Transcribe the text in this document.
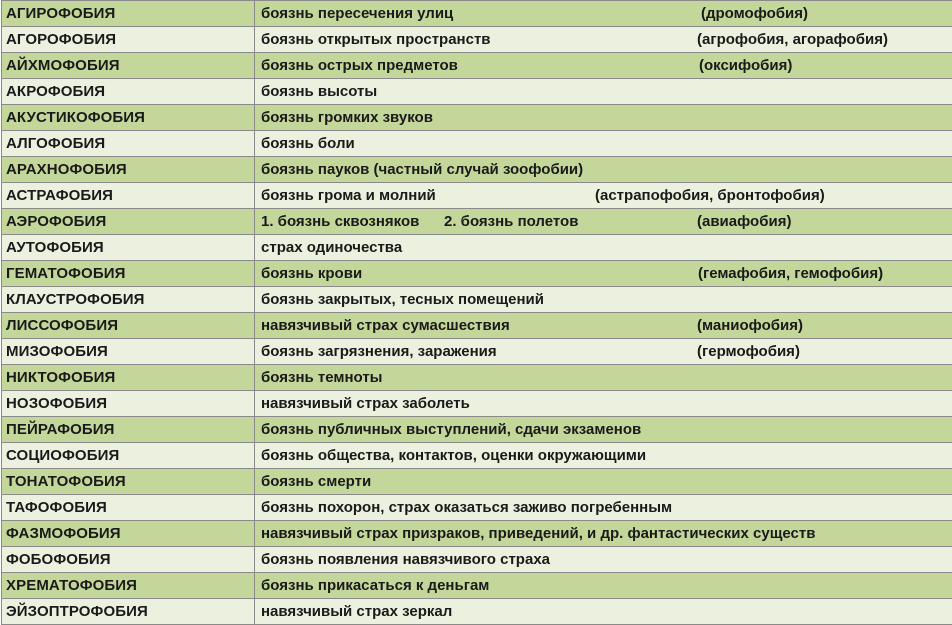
АГИРОФОБИЯ	боязнь пересечения улиц (дромофобия)

АГОРОФОБИЯ	боязнь открытых пространств (агрофобия, агорафобия)

АЙХМОФОБИЯ	боязнь острых предметов (оксифобия)

АКРОФОБИЯ	боязнь высоты
АКУСТИКОФОБИЯ	боязнь громких звуков
АЛГОФОБИЯ	боязнь боли
АРАХНОФОБИЯ	боязнь пауков (частный случай зоофобии)
АСТРАФОБИЯ	боязнь грома и молний (астрапофобия, бронтофобия)

АЭРОФОБИЯ	1. боязнь сквозняков 2. боязнь полетов (авиафобия)

АУТОФОБИЯ	страх одиночества
ГЕМАТОФОБИЯ	боязнь крови (гемафобия, гемофобия)

КЛАУСТРОФОБИЯ	боязнь закрытых, тесных помещений
ЛИССОФОБИЯ	навязчивый страх сумасшествия (маниофобия)

МИЗОФОБИЯ	боязнь загрязнения, заражения (гермофобия)

НИКТОФОБИЯ	боязнь темноты
НОЗОФОБИЯ	навязчивый страх заболеть
ПЕЙРАФОБИЯ	боязнь публичных выступлений, сдачи экзаменов
СОЦИОФОБИЯ	боязнь общества, контактов, оценки окружающими
ТОНАТОФОБИЯ	боязнь смерти
ТАФОФОБИЯ	боязнь похорон, страх оказаться заживо погребенным
ФАЗМОФОБИЯ	навязчивый страх призраков, приведений, и др. фантастических существ
ФОБОФОБИЯ	боязнь появления навязчивого страха
ХРЕМАТОФОБИЯ	боязнь прикасаться к деньгам
ЭЙЗОПТРОФОБИЯ	навязчивый страх зеркал
